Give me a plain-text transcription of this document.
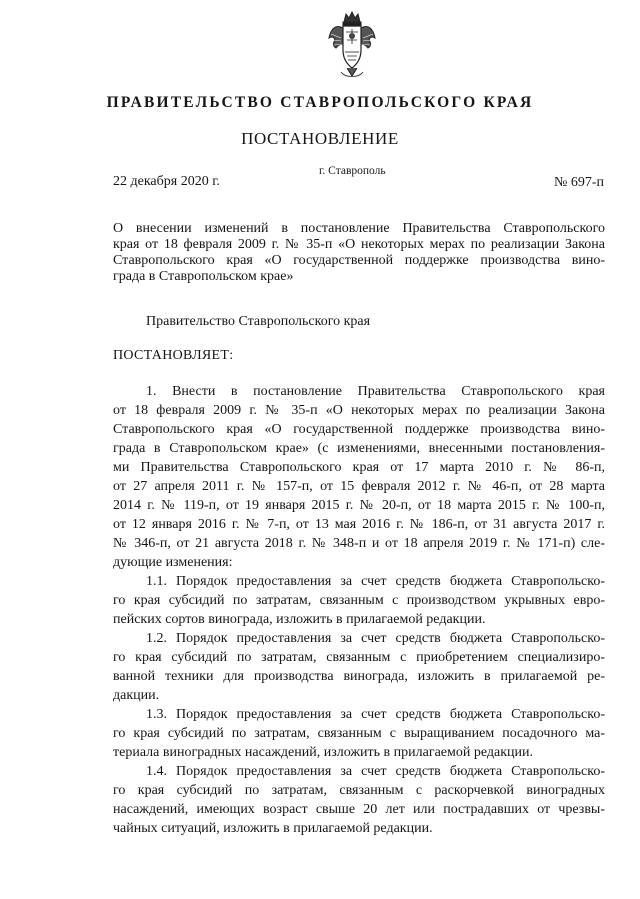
ПРАВИТЕЛЬСТВО СТАВРОПОЛЬСКОГО КРАЯ
ПОСТАНОВЛЕНИЕ
22 декабря 2020 г.
г. Ставрополь
№ 697-п
О внесении изменений в постановление Правительства Ставропольского
края от 18 февраля 2009 г. № 35-п «О некоторых мерах по реализации Закона
Ставропольского края «О государственной поддержке производства вино-
града в Ставропольском крае»
Правительство Ставропольского края
ПОСТАНОВЛЯЕТ:
1. Внести в постановление Правительства Ставропольского края
от 18 февраля 2009 г. № 35-п «О некоторых мерах по реализации Закона
Ставропольского края «О государственной поддержке производства вино-
града в Ставропольском крае» (с изменениями, внесенными постановления-
ми Правительства Ставропольского края от 17 марта 2010 г. № 86-п,
от 27 апреля 2011 г. № 157-п, от 15 февраля 2012 г. № 46-п, от 28 марта
2014 г. № 119-п, от 19 января 2015 г. № 20-п, от 18 марта 2015 г. № 100-п,
от 12 января 2016 г. № 7-п, от 13 мая 2016 г. № 186-п, от 31 августа 2017 г.
№ 346-п, от 21 августа 2018 г. № 348-п и от 18 апреля 2019 г. № 171-п) сле-
дующие изменения:
1.1. Порядок предоставления за счет средств бюджета Ставропольско-
го края субсидий по затратам, связанным с производством укрывных евро-
пейских сортов винограда, изложить в прилагаемой редакции.
1.2. Порядок предоставления за счет средств бюджета Ставропольско-
го края субсидий по затратам, связанным с приобретением специализиро-
ванной техники для производства винограда, изложить в прилагаемой ре-
дакции.
1.3. Порядок предоставления за счет средств бюджета Ставропольско-
го края субсидий по затратам, связанным с выращиванием посадочного ма-
териала виноградных насаждений, изложить в прилагаемой редакции.
1.4. Порядок предоставления за счет средств бюджета Ставропольско-
го края субсидий по затратам, связанным с раскорчевкой виноградных
насаждений, имеющих возраст свыше 20 лет или пострадавших от чрезвы-
чайных ситуаций, изложить в прилагаемой редакции.
